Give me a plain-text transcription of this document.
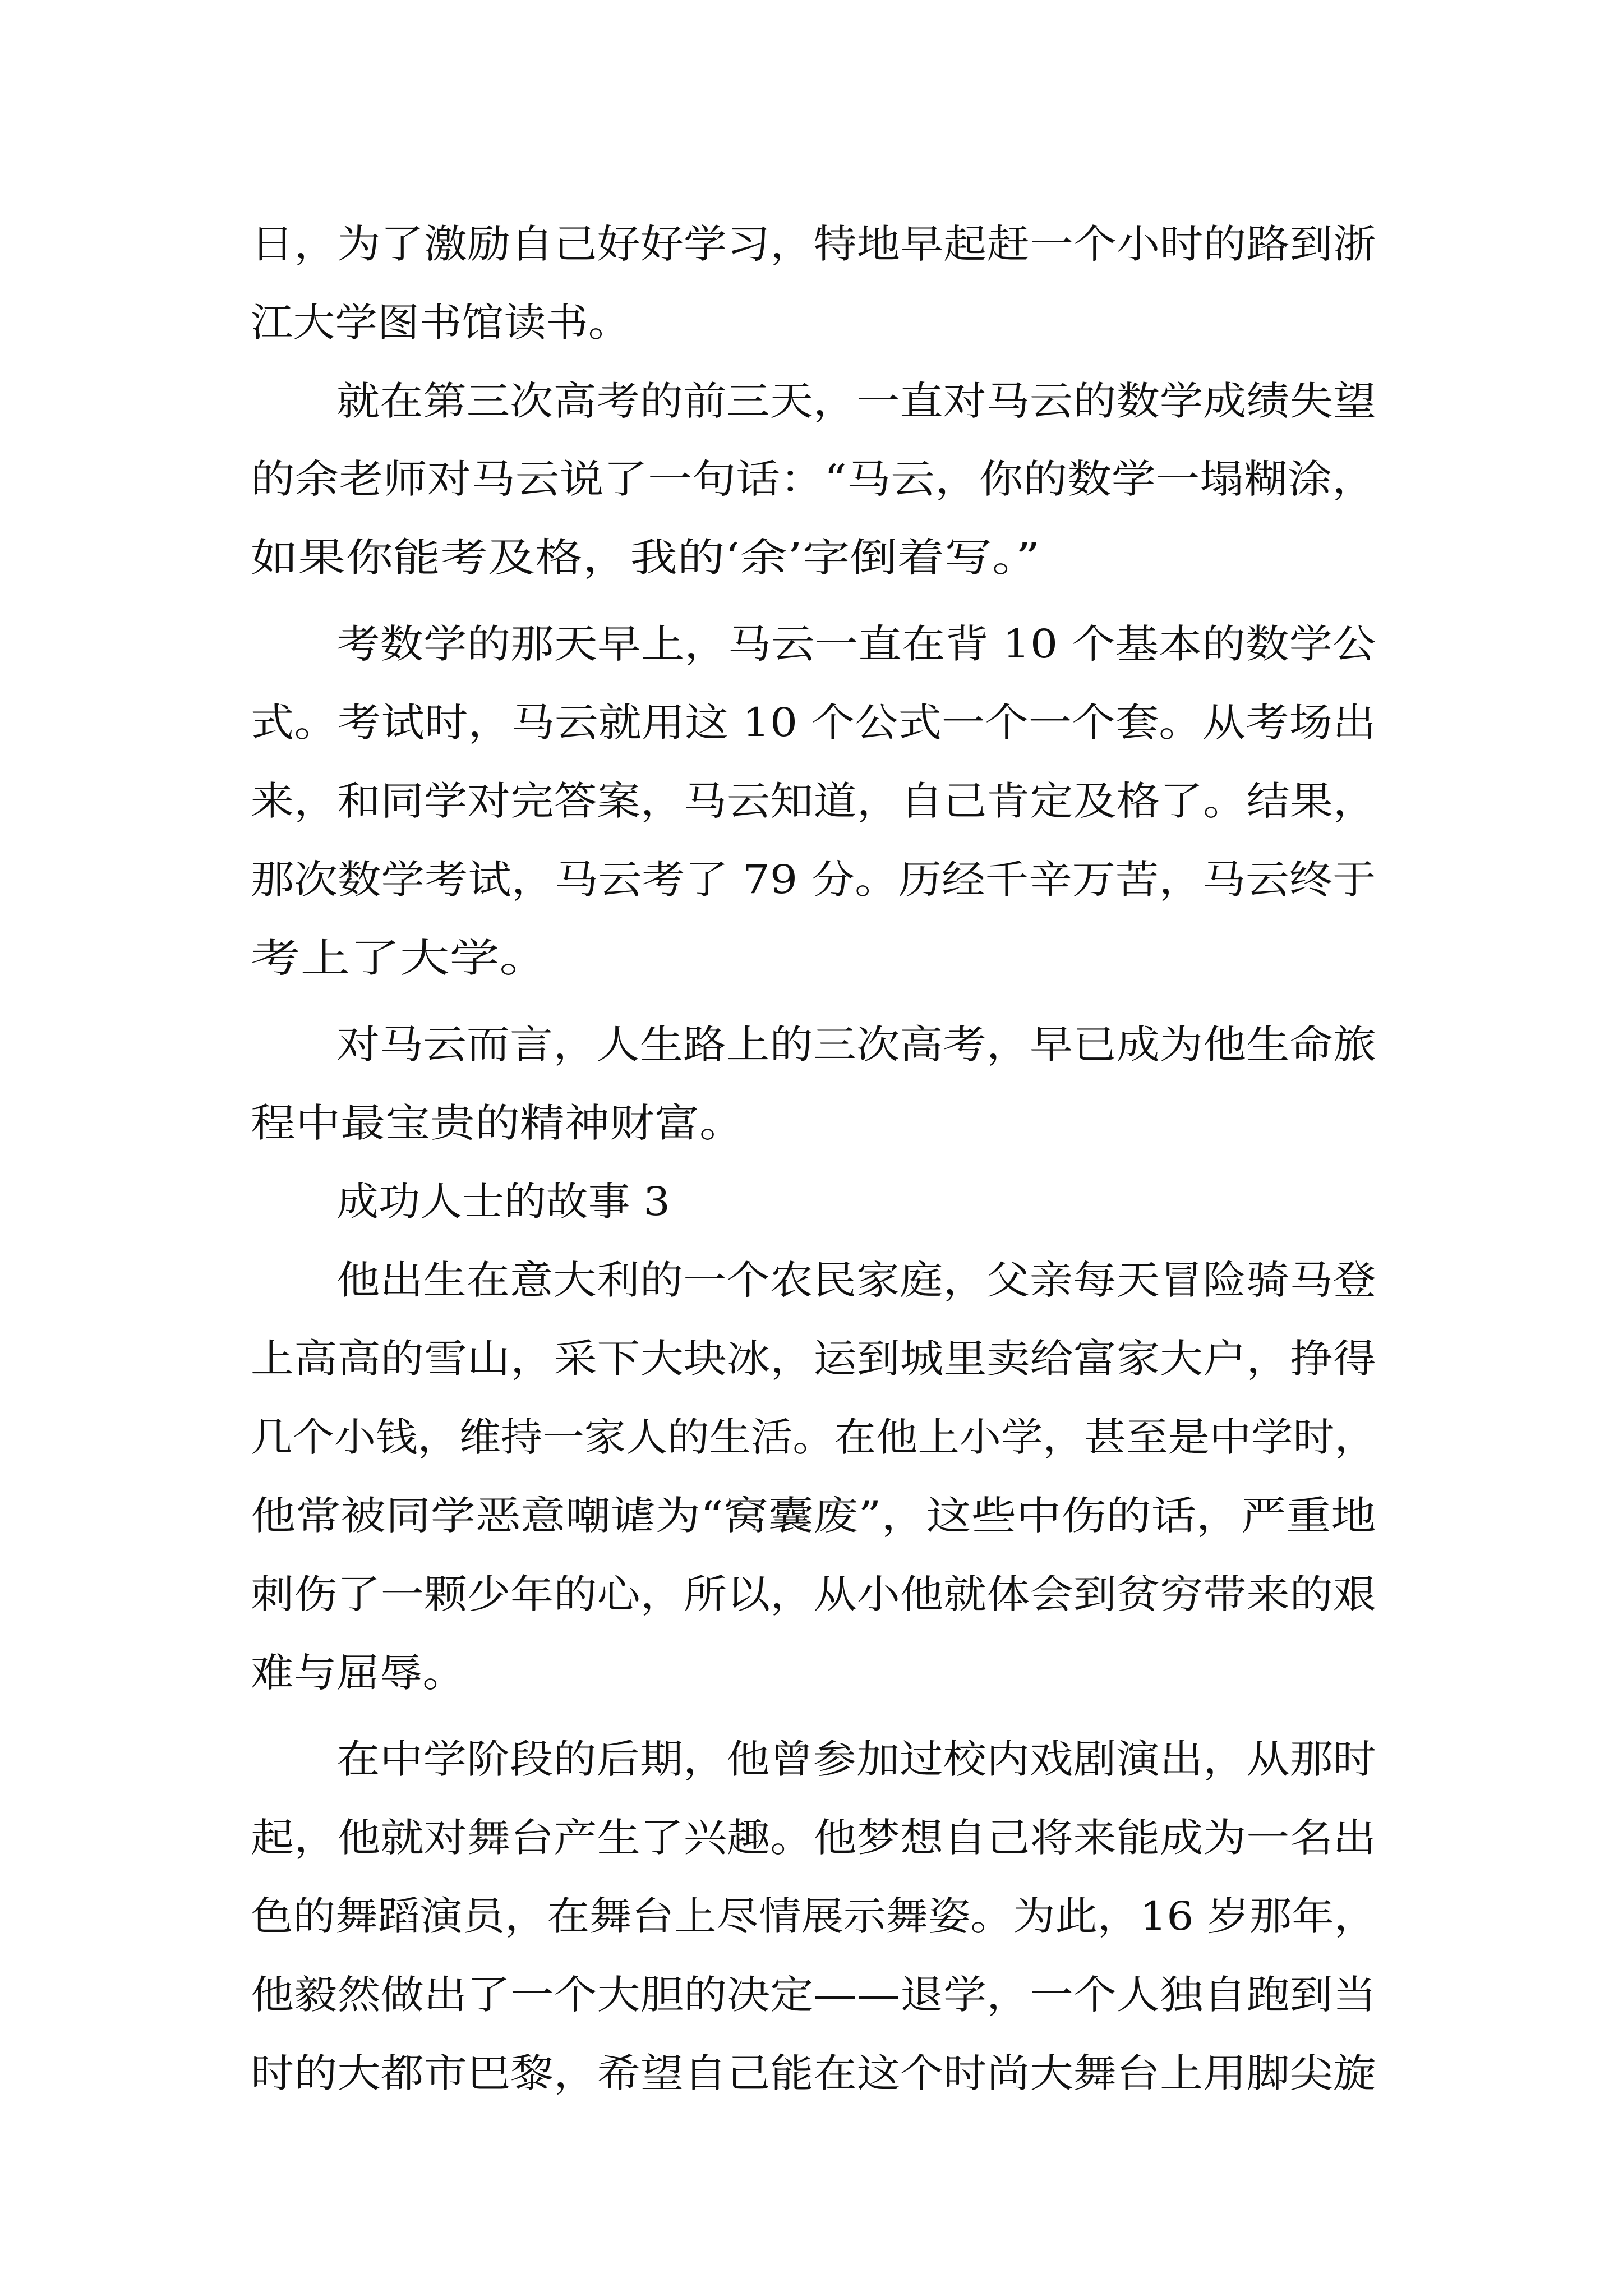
日，为了激励自己好好学习，特地早起赶一个小时的路到浙
江大学图书馆读书。
就在第三次高考的前三天，一直对马云的数学成绩失望
的余老师对马云说了一句话：“马云，你的数学一塌糊涂，
如果你能考及格，我的‘余’字倒着写。”
考数学的那天早上，马云一直在背 10 个基本的数学公
式。考试时，马云就用这 10 个公式一个一个套。从考场出
来，和同学对完答案，马云知道，自己肯定及格了。结果，
那次数学考试，马云考了 79 分。历经千辛万苦，马云终于
考上了大学。
对马云而言，人生路上的三次高考，早已成为他生命旅
程中最宝贵的精神财富。
成功人士的故事 3
他出生在意大利的一个农民家庭，父亲每天冒险骑马登
上高高的雪山，采下大块冰，运到城里卖给富家大户，挣得
几个小钱，维持一家人的生活。在他上小学，甚至是中学时，
他常被同学恶意嘲谑为“窝囊废”，这些中伤的话，严重地
刺伤了一颗少年的心，所以，从小他就体会到贫穷带来的艰
难与屈辱。
在中学阶段的后期，他曾参加过校内戏剧演出，从那时
起，他就对舞台产生了兴趣。他梦想自己将来能成为一名出
色的舞蹈演员，在舞台上尽情展示舞姿。为此，16 岁那年，
他毅然做出了一个大胆的决定——退学，一个人独自跑到当
时的大都市巴黎，希望自己能在这个时尚大舞台上用脚尖旋
